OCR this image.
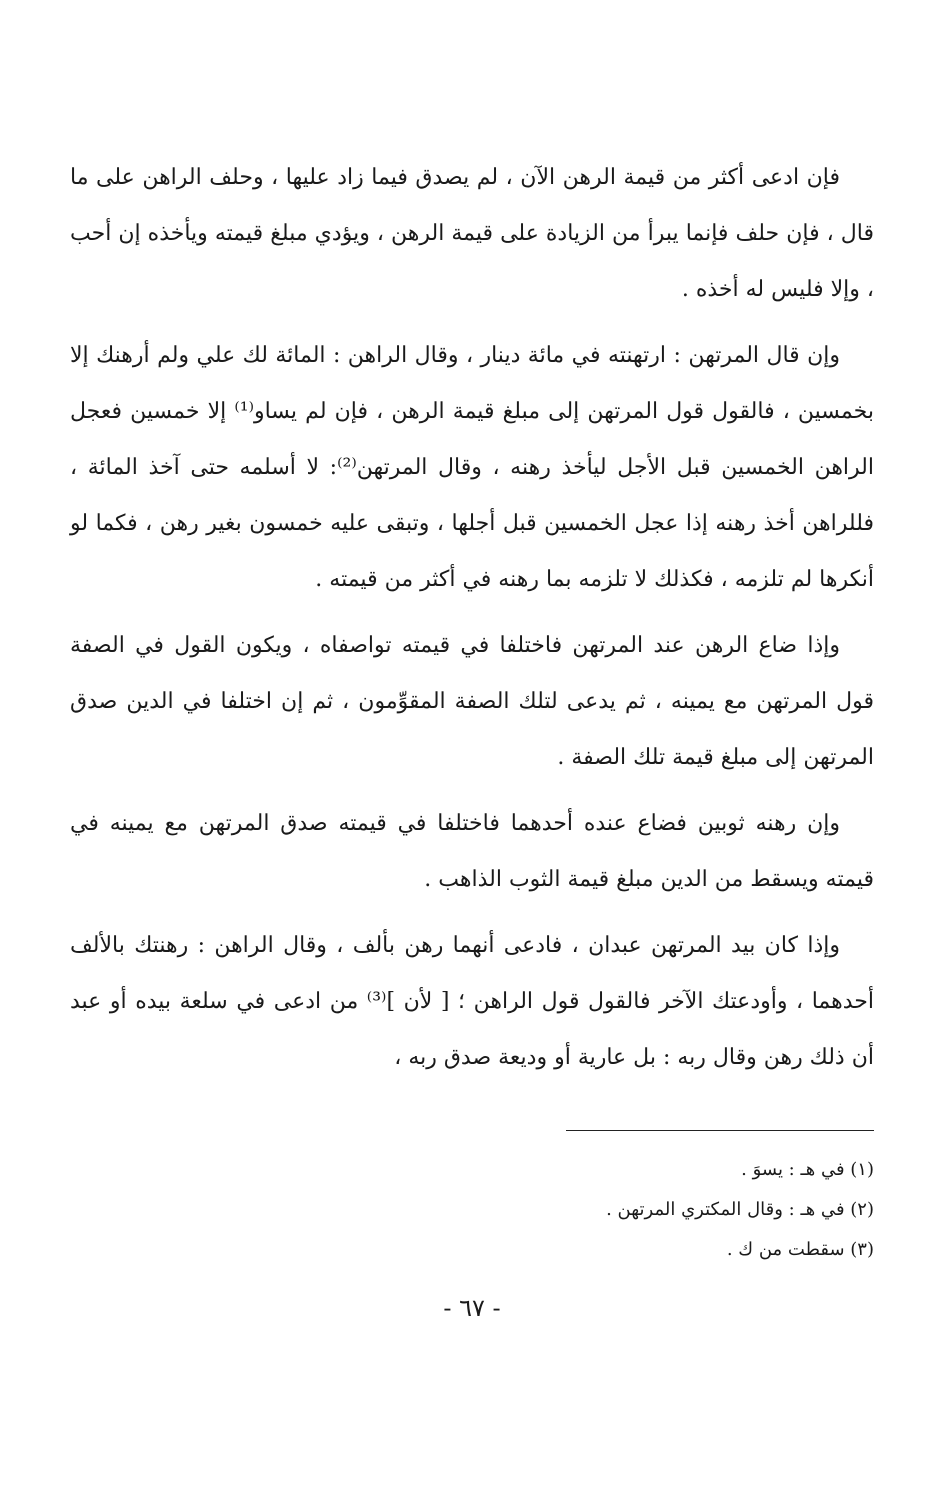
فإن ادعى أكثر من قيمة الرهن الآن ، لم يصدق فيما زاد عليها ، وحلف الراهن على ما قال ، فإن حلف فإنما يبرأ من الزيادة على قيمة الرهن ، ويؤدي مبلغ قيمته ويأخذه إن أحب ، وإلا فليس له أخذه .

وإن قال المرتهن : ارتهنته في مائة دينار ، وقال الراهن : المائة لك علي ولم أرهنك إلا بخمسين ، فالقول قول المرتهن إلى مبلغ قيمة الرهن ، فإن لم يساو⁽¹⁾ إلا خمسين فعجل الراهن الخمسين قبل الأجل ليأخذ رهنه ، وقال المرتهن⁽²⁾: لا أسلمه حتى آخذ المائة ، فللراهن أخذ رهنه إذا عجل الخمسين قبل أجلها ، وتبقى عليه خمسون بغير رهن ، فكما لو أنكرها لم تلزمه ، فكذلك لا تلزمه بما رهنه في أكثر من قيمته .

وإذا ضاع الرهن عند المرتهن فاختلفا في قيمته تواصفاه ، ويكون القول في الصفة قول المرتهن مع يمينه ، ثم يدعى لتلك الصفة المقوِّمون ، ثم إن اختلفا في الدين صدق المرتهن إلى مبلغ قيمة تلك الصفة .

وإن رهنه ثوبين فضاع عنده أحدهما فاختلفا في قيمته صدق المرتهن مع يمينه في قيمته ويسقط من الدين مبلغ قيمة الثوب الذاهب .

وإذا كان بيد المرتهن عبدان ، فادعى أنهما رهن بألف ، وقال الراهن : رهنتك بالألف أحدهما ، وأودعتك الآخر فالقول قول الراهن ؛ [ لأن ]⁽³⁾ من ادعى في سلعة بيده أو عبد أن ذلك رهن وقال ربه : بل عارية أو وديعة صدق ربه ،

(١) في هـ : يسوَ .

(٢) في هـ : وقال المكتري المرتهن .

(٣) سقطت من ك .

- ٦٧ -
